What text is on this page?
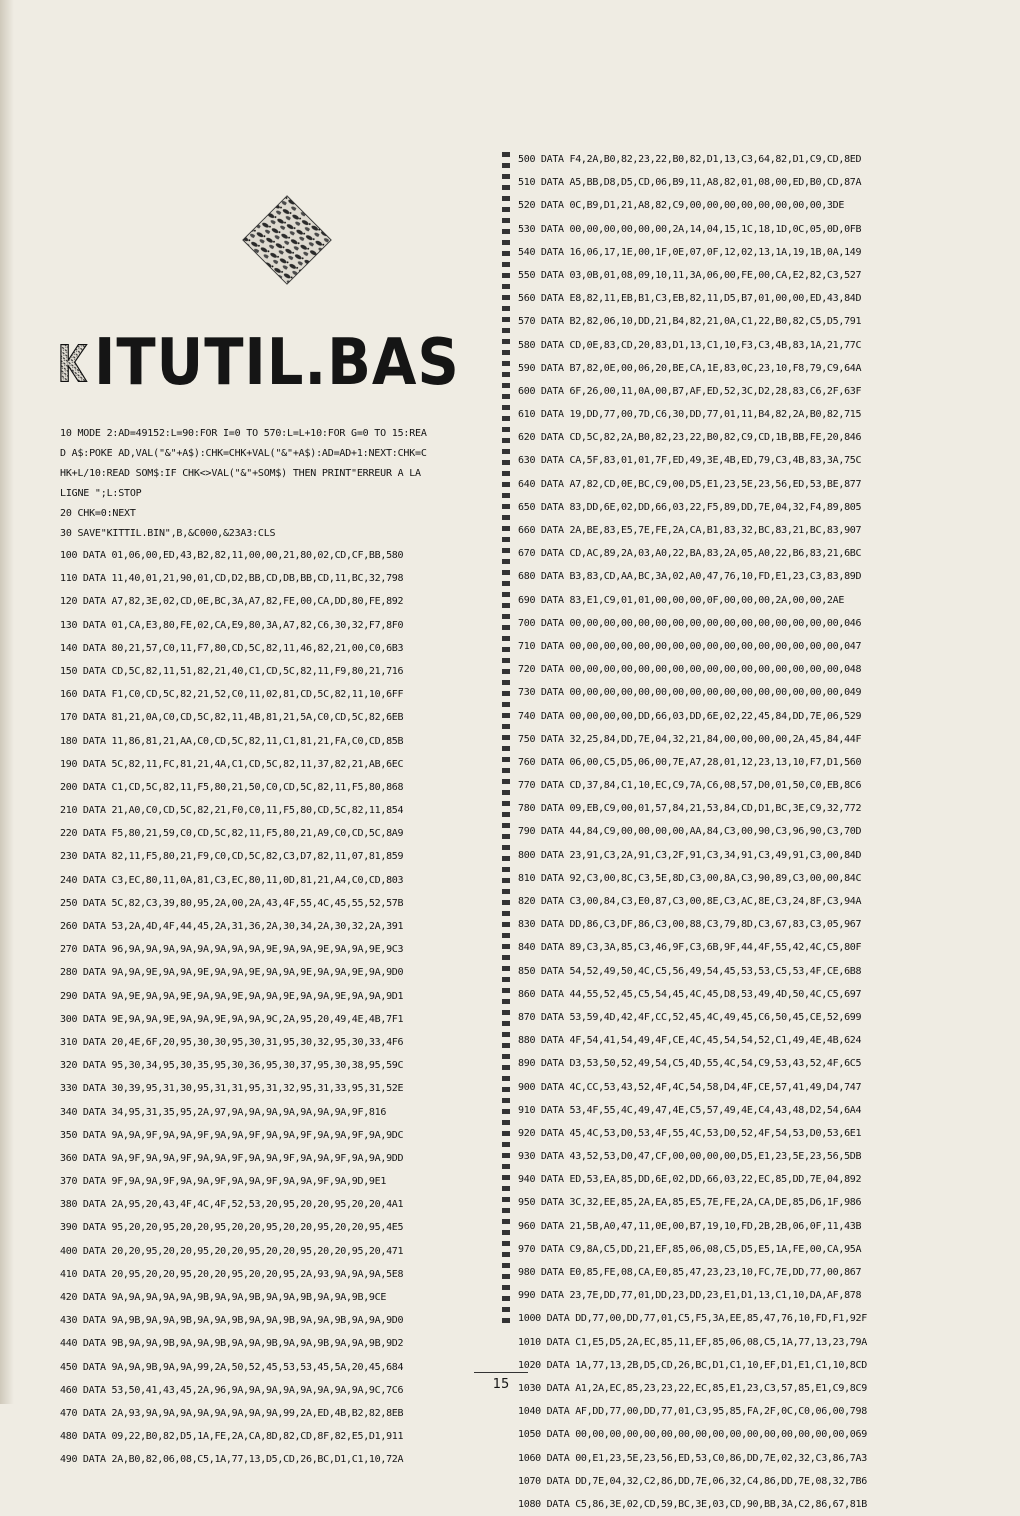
ITUTIL.BAS
10 MODE 2:AD=49152:L=90:FOR I=0 TO 570:L=L+10:FOR G=0 TO 15:REA
D A$:POKE AD,VAL("&"+A$):CHK=CHK+VAL("&"+A$):AD=AD+1:NEXT:CHK=C
HK+L/10:READ SOM$:IF CHK<>VAL("&"+SOM$) THEN PRINT"ERREUR A LA
LIGNE ";L:STOP
20 CHK=0:NEXT
30 SAVE"KITTIL.BIN",B,&C000,&23A3:CLS
100 DATA 01,06,00,ED,43,B2,82,11,00,00,21,80,02,CD,CF,BB,580
110 DATA 11,40,01,21,90,01,CD,D2,BB,CD,DB,BB,CD,11,BC,32,798
120 DATA A7,82,3E,02,CD,0E,BC,3A,A7,82,FE,00,CA,DD,80,FE,892
130 DATA 01,CA,E3,80,FE,02,CA,E9,80,3A,A7,82,C6,30,32,F7,8F0
140 DATA 80,21,57,C0,11,F7,80,CD,5C,82,11,46,82,21,00,C0,6B3
150 DATA CD,5C,82,11,51,82,21,40,C1,CD,5C,82,11,F9,80,21,716
160 DATA F1,C0,CD,5C,82,21,52,C0,11,02,81,CD,5C,82,11,10,6FF
170 DATA 81,21,0A,C0,CD,5C,82,11,4B,81,21,5A,C0,CD,5C,82,6EB
180 DATA 11,86,81,21,AA,C0,CD,5C,82,11,C1,81,21,FA,C0,CD,85B
190 DATA 5C,82,11,FC,81,21,4A,C1,CD,5C,82,11,37,82,21,AB,6EC
200 DATA C1,CD,5C,82,11,F5,80,21,50,C0,CD,5C,82,11,F5,80,868
210 DATA 21,A0,C0,CD,5C,82,21,F0,C0,11,F5,80,CD,5C,82,11,854
220 DATA F5,80,21,59,C0,CD,5C,82,11,F5,80,21,A9,C0,CD,5C,8A9
230 DATA 82,11,F5,80,21,F9,C0,CD,5C,82,C3,D7,82,11,07,81,859
240 DATA C3,EC,80,11,0A,81,C3,EC,80,11,0D,81,21,A4,C0,CD,803
250 DATA 5C,82,C3,39,80,95,2A,00,2A,43,4F,55,4C,45,55,52,57B
260 DATA 53,2A,4D,4F,44,45,2A,31,36,2A,30,34,2A,30,32,2A,391
270 DATA 96,9A,9A,9A,9A,9A,9A,9A,9A,9E,9A,9A,9E,9A,9A,9E,9C3
280 DATA 9A,9A,9E,9A,9A,9E,9A,9A,9E,9A,9A,9E,9A,9A,9E,9A,9D0
290 DATA 9A,9E,9A,9A,9E,9A,9A,9E,9A,9A,9E,9A,9A,9E,9A,9A,9D1
300 DATA 9E,9A,9A,9E,9A,9A,9E,9A,9A,9C,2A,95,20,49,4E,4B,7F1
310 DATA 20,4E,6F,20,95,30,30,95,30,31,95,30,32,95,30,33,4F6
320 DATA 95,30,34,95,30,35,95,30,36,95,30,37,95,30,38,95,59C
330 DATA 30,39,95,31,30,95,31,31,95,31,32,95,31,33,95,31,52E
340 DATA 34,95,31,35,95,2A,97,9A,9A,9A,9A,9A,9A,9A,9F,816
350 DATA 9A,9A,9F,9A,9A,9F,9A,9A,9F,9A,9A,9F,9A,9A,9F,9A,9DC
360 DATA 9A,9F,9A,9A,9F,9A,9A,9F,9A,9A,9F,9A,9A,9F,9A,9A,9DD
370 DATA 9F,9A,9A,9F,9A,9A,9F,9A,9A,9F,9A,9A,9F,9A,9D,9E1
380 DATA 2A,95,20,43,4F,4C,4F,52,53,20,95,20,20,95,20,20,4A1
390 DATA 95,20,20,95,20,20,95,20,20,95,20,20,95,20,20,95,4E5
400 DATA 20,20,95,20,20,95,20,20,95,20,20,95,20,20,95,20,471
410 DATA 20,95,20,20,95,20,20,95,20,20,95,2A,93,9A,9A,9A,5E8
420 DATA 9A,9A,9A,9A,9A,9B,9A,9A,9B,9A,9A,9B,9A,9A,9B,9CE
430 DATA 9A,9B,9A,9A,9B,9A,9A,9B,9A,9A,9B,9A,9A,9B,9A,9A,9D0
440 DATA 9B,9A,9A,9B,9A,9A,9B,9A,9A,9B,9A,9A,9B,9A,9A,9B,9D2
450 DATA 9A,9A,9B,9A,9A,99,2A,50,52,45,53,53,45,5A,20,45,684
460 DATA 53,50,41,43,45,2A,96,9A,9A,9A,9A,9A,9A,9A,9A,9C,7C6
470 DATA 2A,93,9A,9A,9A,9A,9A,9A,9A,9A,99,2A,ED,4B,B2,82,8EB
480 DATA 09,22,B0,82,D5,1A,FE,2A,CA,8D,82,CD,8F,82,E5,D1,911
490 DATA 2A,B0,82,06,08,C5,1A,77,13,D5,CD,26,BC,D1,C1,10,72A
500 DATA F4,2A,B0,82,23,22,B0,82,D1,13,C3,64,82,D1,C9,CD,8ED
510 DATA A5,BB,D8,D5,CD,06,B9,11,A8,82,01,08,00,ED,B0,CD,87A
520 DATA 0C,B9,D1,21,A8,82,C9,00,00,00,00,00,00,00,00,3DE
530 DATA 00,00,00,00,00,00,2A,14,04,15,1C,18,1D,0C,05,0D,0FB
540 DATA 16,06,17,1E,00,1F,0E,07,0F,12,02,13,1A,19,1B,0A,149
550 DATA 03,0B,01,08,09,10,11,3A,06,00,FE,00,CA,E2,82,C3,527
560 DATA E8,82,11,EB,B1,C3,EB,82,11,D5,B7,01,00,00,ED,43,84D
570 DATA B2,82,06,10,DD,21,B4,82,21,0A,C1,22,B0,82,C5,D5,791
580 DATA CD,0E,83,CD,20,83,D1,13,C1,10,F3,C3,4B,83,1A,21,77C
590 DATA B7,82,0E,00,06,20,BE,CA,1E,83,0C,23,10,F8,79,C9,64A
600 DATA 6F,26,00,11,0A,00,B7,AF,ED,52,3C,D2,28,83,C6,2F,63F
610 DATA 19,DD,77,00,7D,C6,30,DD,77,01,11,B4,82,2A,B0,82,715
620 DATA CD,5C,82,2A,B0,82,23,22,B0,82,C9,CD,1B,BB,FE,20,846
630 DATA CA,5F,83,01,01,7F,ED,49,3E,4B,ED,79,C3,4B,83,3A,75C
640 DATA A7,82,CD,0E,BC,C9,00,D5,E1,23,5E,23,56,ED,53,BE,877
650 DATA 83,DD,6E,02,DD,66,03,22,F5,89,DD,7E,04,32,F4,89,805
660 DATA 2A,BE,83,E5,7E,FE,2A,CA,B1,83,32,BC,83,21,BC,83,907
670 DATA CD,AC,89,2A,03,A0,22,BA,83,2A,05,A0,22,B6,83,21,6BC
680 DATA B3,83,CD,AA,BC,3A,02,A0,47,76,10,FD,E1,23,C3,83,89D
690 DATA 83,E1,C9,01,01,00,00,00,0F,00,00,00,2A,00,00,2AE
700 DATA 00,00,00,00,00,00,00,00,00,00,00,00,00,00,00,00,046
710 DATA 00,00,00,00,00,00,00,00,00,00,00,00,00,00,00,00,047
720 DATA 00,00,00,00,00,00,00,00,00,00,00,00,00,00,00,00,048
730 DATA 00,00,00,00,00,00,00,00,00,00,00,00,00,00,00,00,049
740 DATA 00,00,00,00,DD,66,03,DD,6E,02,22,45,84,DD,7E,06,529
750 DATA 32,25,84,DD,7E,04,32,21,84,00,00,00,00,2A,45,84,44F
760 DATA 06,00,C5,D5,06,00,7E,A7,28,01,12,23,13,10,F7,D1,560
770 DATA CD,37,84,C1,10,EC,C9,7A,C6,08,57,D0,01,50,C0,EB,8C6
780 DATA 09,EB,C9,00,01,57,84,21,53,84,CD,D1,BC,3E,C9,32,772
790 DATA 44,84,C9,00,00,00,00,AA,84,C3,00,90,C3,96,90,C3,70D
800 DATA 23,91,C3,2A,91,C3,2F,91,C3,34,91,C3,49,91,C3,00,84D
810 DATA 92,C3,00,8C,C3,5E,8D,C3,00,8A,C3,90,89,C3,00,00,84C
820 DATA C3,00,84,C3,E0,87,C3,00,8E,C3,AC,8E,C3,24,8F,C3,94A
830 DATA DD,86,C3,DF,86,C3,00,88,C3,79,8D,C3,67,83,C3,05,967
840 DATA 89,C3,3A,85,C3,46,9F,C3,6B,9F,44,4F,55,42,4C,C5,80F
850 DATA 54,52,49,50,4C,C5,56,49,54,45,53,53,C5,53,4F,CE,6B8
860 DATA 44,55,52,45,C5,54,45,4C,45,D8,53,49,4D,50,4C,C5,697
870 DATA 53,59,4D,42,4F,CC,52,45,4C,49,45,C6,50,45,CE,52,699
880 DATA 4F,54,41,54,49,4F,CE,4C,45,54,54,52,C1,49,4E,4B,624
890 DATA D3,53,50,52,49,54,C5,4D,55,4C,54,C9,53,43,52,4F,6C5
900 DATA 4C,CC,53,43,52,4F,4C,54,58,D4,4F,CE,57,41,49,D4,747
910 DATA 53,4F,55,4C,49,47,4E,C5,57,49,4E,C4,43,48,D2,54,6A4
920 DATA 45,4C,53,D0,53,4F,55,4C,53,D0,52,4F,54,53,D0,53,6E1
930 DATA 43,52,53,D0,47,CF,00,00,00,00,D5,E1,23,5E,23,56,5DB
940 DATA ED,53,EA,85,DD,6E,02,DD,66,03,22,EC,85,DD,7E,04,892
950 DATA 3C,32,EE,85,2A,EA,85,E5,7E,FE,2A,CA,DE,85,D6,1F,986
960 DATA 21,5B,A0,47,11,0E,00,B7,19,10,FD,2B,2B,06,0F,11,43B
970 DATA C9,8A,C5,DD,21,EF,85,06,08,C5,D5,E5,1A,FE,00,CA,95A
980 DATA E0,85,FE,08,CA,E0,85,47,23,23,10,FC,7E,DD,77,00,867
990 DATA 23,7E,DD,77,01,DD,23,DD,23,E1,D1,13,C1,10,DA,AF,878
1000 DATA DD,77,00,DD,77,01,C5,F5,3A,EE,85,47,76,10,FD,F1,92F
1010 DATA C1,E5,D5,2A,EC,85,11,EF,85,06,08,C5,1A,77,13,23,79A
1020 DATA 1A,77,13,2B,D5,CD,26,BC,D1,C1,10,EF,D1,E1,C1,10,8CD
1030 DATA A1,2A,EC,85,23,23,22,EC,85,E1,23,C3,57,85,E1,C9,8C9
1040 DATA AF,DD,77,00,DD,77,01,C3,95,85,FA,2F,0C,C0,06,00,798
1050 DATA 00,00,00,00,00,00,00,00,00,00,00,00,00,00,00,00,069
1060 DATA 00,E1,23,5E,23,56,ED,53,C0,86,DD,7E,02,32,C3,86,7A3
1070 DATA DD,7E,04,32,C2,86,DD,7E,06,32,C4,86,DD,7E,08,32,7B6
1080 DATA C5,86,3E,02,CD,59,BC,3E,03,CD,90,BB,3A,C2,86,67,81B
15
